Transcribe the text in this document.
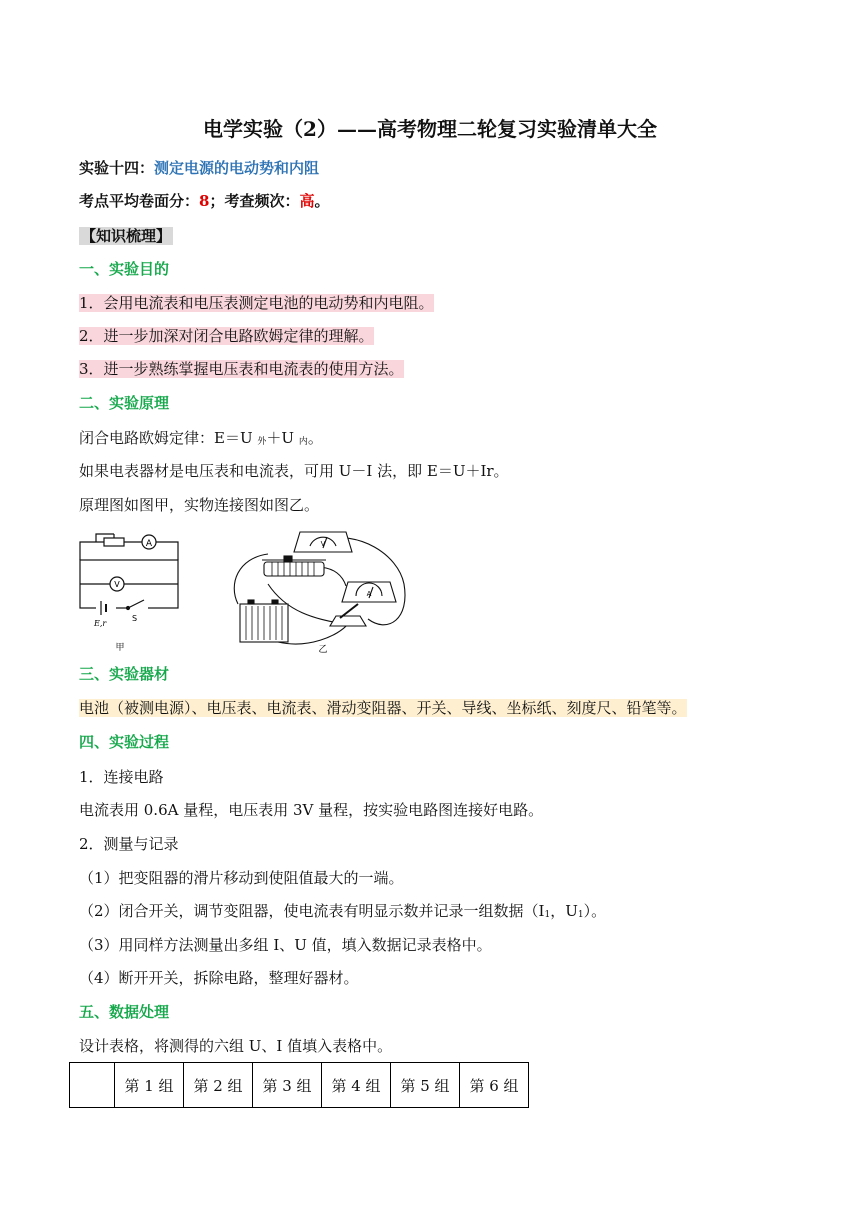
电学实验（2）——高考物理二轮复习实验清单大全
实验十四：测定电源的电动势和内阻
考点平均卷面分：8；考查频次：高。
【知识梳理】
一、实验目的
1．会用电流表和电压表测定电池的电动势和内电阻。
2．进一步加深对闭合电路欧姆定律的理解。
3．进一步熟练掌握电压表和电流表的使用方法。
二、实验原理
闭合电路欧姆定律：E＝U 外＋U 内。
如果电表器材是电压表和电流表，可用 U－I 法，即 E＝U＋Ir。
原理图如图甲，实物连接图如图乙。
A
V
S
E,r
甲
V
A
乙
三、实验器材
电池（被测电源）、电压表、电流表、滑动变阻器、开关、导线、坐标纸、刻度尺、铅笔等。
四、实验过程
1．连接电路
电流表用 0.6A 量程，电压表用 3V 量程，按实验电路图连接好电路。
2．测量与记录
（1）把变阻器的滑片移动到使阻值最大的一端。
（2）闭合开关，调节变阻器，使电流表有明显示数并记录一组数据（I1，U1）。
（3）用同样方法测量出多组 I、U 值，填入数据记录表格中。
（4）断开开关，拆除电路，整理好器材。
五、数据处理
设计表格，将测得的六组 U、I 值填入表格中。
	第 1 组	第 2 组	第 3 组	第 4 组	第 5 组	第 6 组
